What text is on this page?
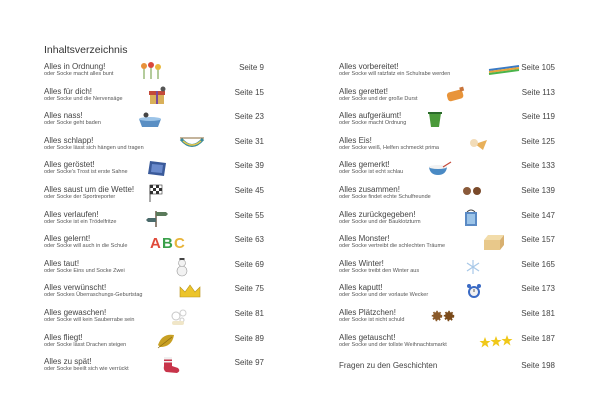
Inhaltsverzeichnis
Alles in Ordnung!
oder Socke macht alles bunt
Seite 9
Alles für dich!
oder Socke und die Nervensäge
Seite 15
Alles nass!
oder Socke geht baden
Seite 23
Alles schlapp!
oder Socke lässt sich hängen und tragen
Seite 31
Alles geröstet!
oder Socke's Trost ist erste Sahne
Seite 39
Alles saust um die Wette!
oder Socke der Sportreporter
Seite 45
Alles verlaufen!
oder Socke ist ein Trödelfritze
Seite 55
Alles gelernt!
oder Socke will auch in die Schule
Seite 63
A B C
Alles taut!
oder Socke Eins und Socke Zwei
Seite 69
Alles verwünscht!
oder Sockes Überraschungs-Geburtstag
Seite 75
Alles gewaschen!
oder Socke will kein Sauberrabe sein
Seite 81
Alles fliegt!
oder Socke lässt Drachen steigen
Seite 89
Alles zu spät!
oder Socke beeilt sich wie verrückt
Seite 97
Alles vorbereitet!
oder Socke will ratzfatz ein Schulrabe werden
Seite 105
Alles gerettet!
oder Socke und der große Durst
Seite 113
Alles aufgeräumt!
oder Socke macht Ordnung
Seite 119
Alles Eis!
oder Socke weiß, Helfen schmeckt prima
Seite 125
Alles gemerkt!
oder Socke ist echt schlau
Seite 133
Alles zusammen!
oder Socke findet echte Schulfreunde
Seite 139
Alles zurückgegeben!
oder Socke und der Bauklotzturm
Seite 147
Alles Monster!
oder Socke vertreibt die schlechten Träume
Seite 157
Alles Winter!
oder Socke treibt den Winter aus
Seite 165
Alles kaputt!
oder Socke und der vorlaute Wecker
Seite 173
Alles Plätzchen!
oder Socke ist nicht schuld
Seite 181
Alles getauscht!
oder Socke und der tollste Weihnachtsmarkt
Seite 187
Fragen zu den Geschichten	Seite 198
